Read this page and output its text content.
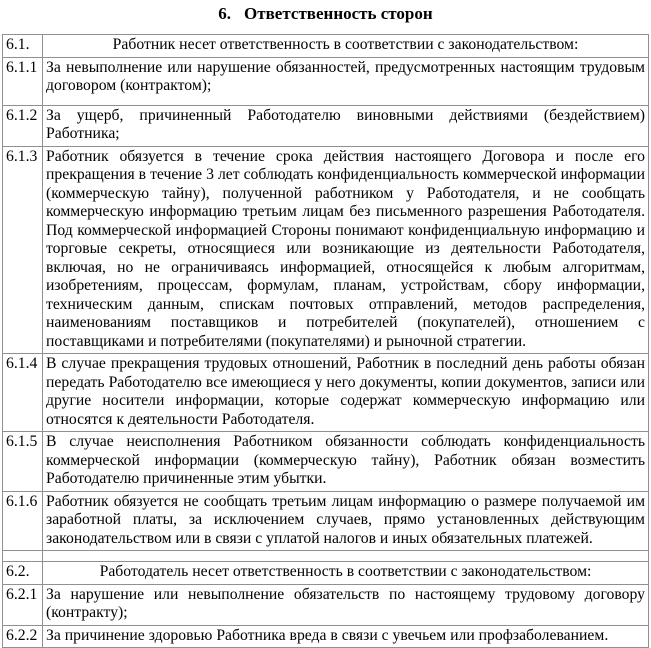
6. Ответственность сторон
6.1.	Работник несет ответственность в соответствии с законодательством:
6.1.1	За невыполнение или нарушение обязанностей, предусмотренных настоящим трудовым договором (контрактом);
6.1.2	За ущерб, причиненный Работодателю виновными действиями (бездействием) Работника;
6.1.3	Работник обязуется в течение срока действия настоящего Договора и после его прекращения в течение 3 лет соблюдать конфиденциальность коммерческой информации (коммерческую тайну), полученной работником у Работодателя, и не сообщать коммерческую информацию третьим лицам без письменного разрешения Работодателя. Под коммерческой информацией Стороны понимают конфиденциальную информацию и торговые секреты, относящиеся или возникающие из деятельности Работодателя, включая, но не ограничиваясь информацией, относящейся к любым алгоритмам, изобретениям, процессам, формулам, планам, устройствам, сбору информации, техническим данным, спискам почтовых отправлений, методов распределения, наименованиям поставщиков и потребителей (покупателей), отношением с поставщиками и потребителями (покупателями) и рыночной стратегии.
6.1.4	В случае прекращения трудовых отношений, Работник в последний день работы обязан передать Работодателю все имеющиеся у него документы, копии документов, записи или другие носители информации, которые содержат коммерческую информацию или относятся к деятельности Работодателя.
6.1.5	В случае неисполнения Работником обязанности соблюдать конфиденциальность коммерческой информации (коммерческую тайну), Работник обязан возместить Работодателю причиненные этим убытки.
6.1.6	Работник обязуется не сообщать третьим лицам информацию о размере получаемой им заработной платы, за исключением случаев, прямо установленных действующим законодательством или в связи с уплатой налогов и иных обязательных платежей.

6.2.	Работодатель несет ответственность в соответствии с законодательством:
6.2.1	За нарушение или невыполнение обязательств по настоящему трудовому договору (контракту);
6.2.2	За причинение здоровью Работника вреда в связи с увечьем или профзаболеванием.
